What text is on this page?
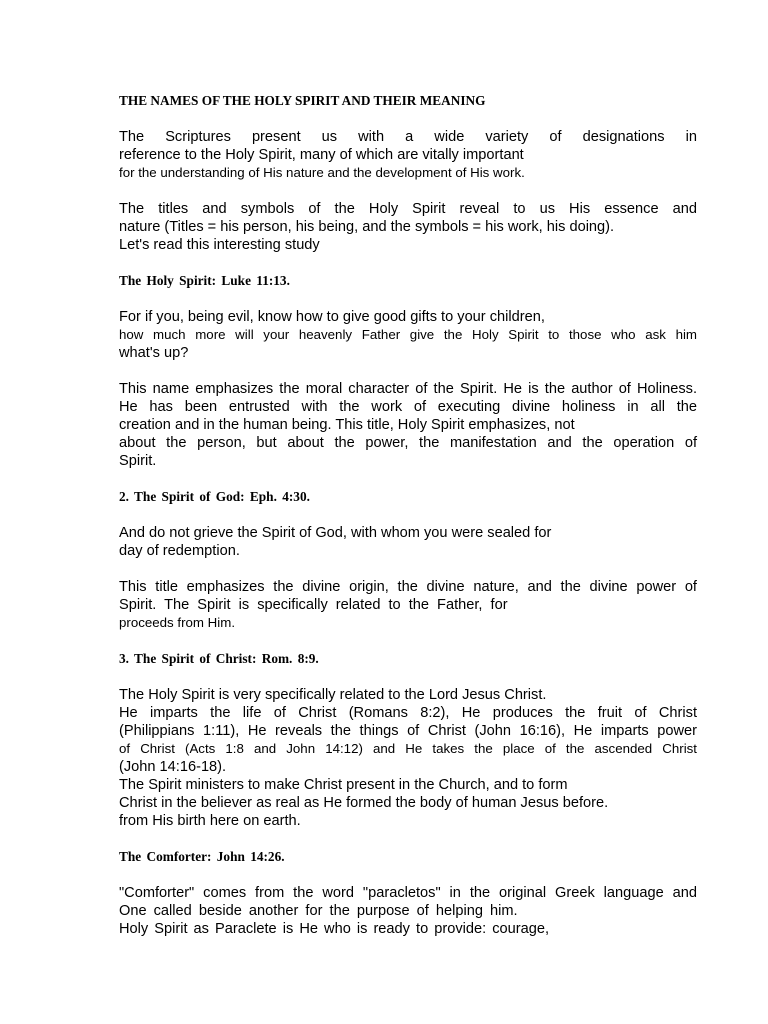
THE NAMES OF THE HOLY SPIRIT AND THEIR MEANING
The Scriptures present us with a wide variety of designations in
reference to the Holy Spirit, many of which are vitally important
for the understanding of His nature and the development of His work.
The titles and symbols of the Holy Spirit reveal to us His essence and
nature (Titles = his person, his being, and the symbols = his work, his doing).
Let's read this interesting study
The Holy Spirit: Luke 11:13.
For if you, being evil, know how to give good gifts to your children,
how much more will your heavenly Father give the Holy Spirit to those who ask him
what's up?
This name emphasizes the moral character of the Spirit. He is the author of Holiness.
He has been entrusted with the work of executing divine holiness in all the
creation and in the human being. This title, Holy Spirit emphasizes, not
about the person, but about the power, the manifestation and the operation of
Spirit.
2. The Spirit of God: Eph. 4:30.
And do not grieve the Spirit of God, with whom you were sealed for
day of redemption.
This title emphasizes the divine origin, the divine nature, and the divine power of
Spirit. The Spirit is specifically related to the Father, for
proceeds from Him.
3. The Spirit of Christ: Rom. 8:9.
The Holy Spirit is very specifically related to the Lord Jesus Christ.
He imparts the life of Christ (Romans 8:2), He produces the fruit of Christ
(Philippians 1:11), He reveals the things of Christ (John 16:16), He imparts power
of Christ (Acts 1:8 and John 14:12) and He takes the place of the ascended Christ
(John 14:16-18).
The Spirit ministers to make Christ present in the Church, and to form
Christ in the believer as real as He formed the body of human Jesus before.
from His birth here on earth.
The Comforter: John 14:26.
"Comforter" comes from the word "paracletos" in the original Greek language and
One called beside another for the purpose of helping him.
Holy Spirit as Paraclete is He who is ready to provide: courage,
